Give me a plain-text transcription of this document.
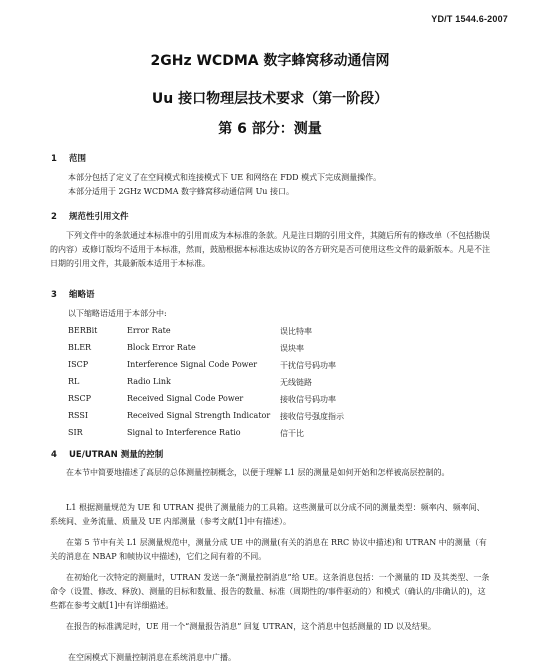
YD/T 1544.6-2007
2GHz WCDMA 数字蜂窝移动通信网
Uu 接口物理层技术要求（第一阶段）
第 6 部分：测量
1 范围
本部分包括了定义了在空间模式和连接模式下 UE 和网络在 FDD 模式下完成测量操作。
本部分适用于 2GHz WCDMA 数字蜂窝移动通信网 Uu 接口。
2 规范性引用文件
下列文件中的条款通过本标准中的引用而成为本标准的条款。凡是注日期的引用文件，其随后所有的修改单（不包括勘误的内容）或修订版均不适用于本标准，然而，鼓励根据本标准达成协议的各方研究是否可使用这些文件的最新版本。凡是不注日期的引用文件，其最新版本适用于本标准。
3 缩略语
以下缩略语适用于本部分中:
BERBit	Error Rate	误比特率
BLER	Block Error Rate	误块率
ISCP	Interference Signal Code Power	干扰信号码功率
RL	Radio Link	无线链路
RSCP	Received Signal Code Power	接收信号码功率
RSSI	Received Signal Strength Indicator 接收信号强度指示
SIR	Signal to Interference Ratio	信干比
4 UE/UTRAN 测量的控制
在本节中简要地描述了高层的总体测量控制概念，以便于理解 L1 层的测量是如何开始和怎样被高层控制的。
L1 根据测量规范为 UE 和 UTRAN 提供了测量能力的工具箱。这些测量可以分成不同的测量类型：频率内、频率间、系统间、业务流量、质量及 UE 内部测量（参考文献[1]中有描述）。
在第 5 节中有关 L1 层测量规范中，测量分成 UE 中的测量(有关的消息在 RRC 协议中描述)和 UTRAN 中的测量（有关的消息在 NBAP 和帧协议中描述)，它们之间有着的不同。
在初始化一次特定的测量时，UTRAN 发送一条“测量控制消息”给 UE。这条消息包括：一个测量的 ID 及其类型、一条命令（设置、修改、释放)、测量的目标和数量、报告的数量、标准（周期性的/事件驱动的）和模式（确认的/非确认的)，这些都在参考文献[1]中有详细描述。
在报告的标准满足时，UE 用一个“测量报告消息” 回复 UTRAN，这个消息中包括测量的 ID 以及结果。
在空闲模式下测量控制消息在系统消息中广播。
